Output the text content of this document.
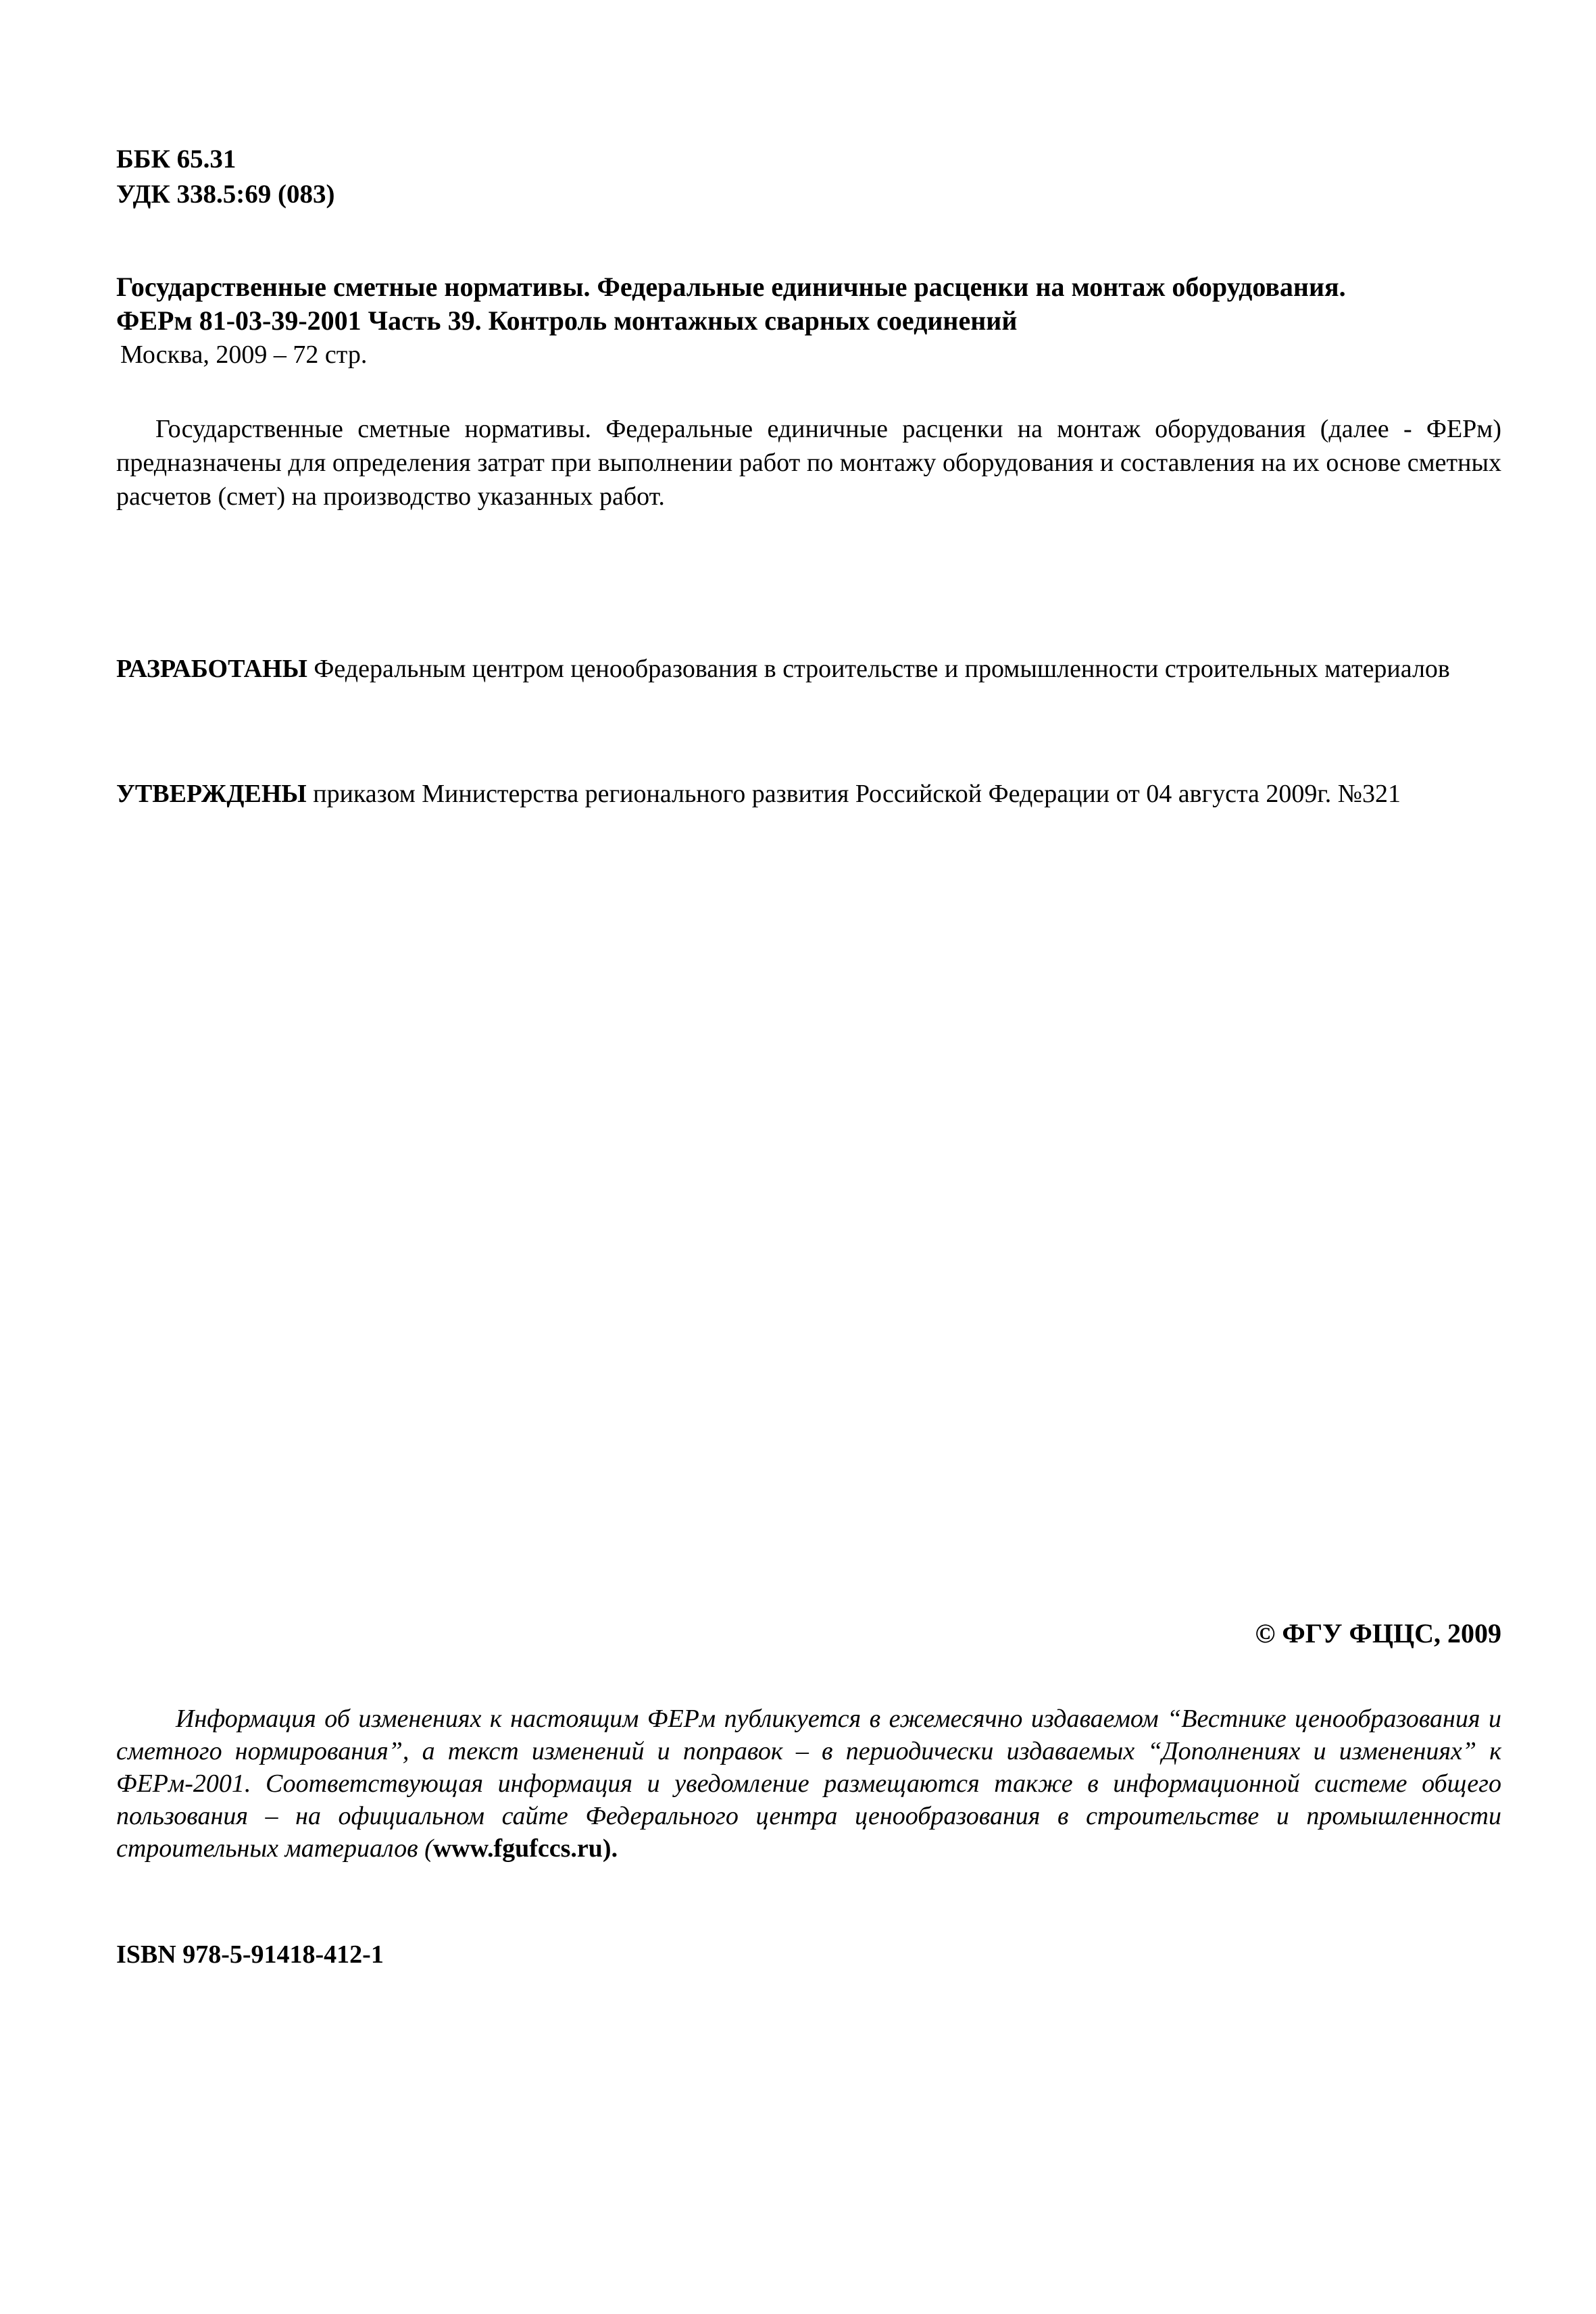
ББК 65.31
УДК 338.5:69 (083)
Государственные сметные нормативы. Федеральные единичные расценки на монтаж оборудования.
ФЕРм 81-03-39-2001 Часть 39. Контроль монтажных сварных соединений
Москва, 2009 – 72 стр.
Государственные сметные нормативы. Федеральные единичные расценки на монтаж оборудования (далее - ФЕРм) предназначены для определения затрат при выполнении работ по монтажу оборудования и составления на их основе сметных расчетов (смет) на производство указанных работ.
РАЗРАБОТАНЫ Федеральным центром ценообразования в строительстве и промышленности строительных материалов
УТВЕРЖДЕНЫ приказом Министерства регионального развития Российской Федерации от 04 августа 2009г. №321
© ФГУ ФЦЦС, 2009
Информация об изменениях к настоящим ФЕРм публикуется в ежемесячно издаваемом “Вестнике ценообразования и сметного нормирования”, а текст изменений и поправок – в периодически издаваемых “Дополнениях и изменениях” к ФЕРм-2001. Соответствующая информация и уведомление размещаются также в информационной системе общего пользования – на официальном сайте Федерального центра ценообразования в строительстве и промышленности строительных материалов (www.fgufccs.ru).
ISBN 978-5-91418-412-1
